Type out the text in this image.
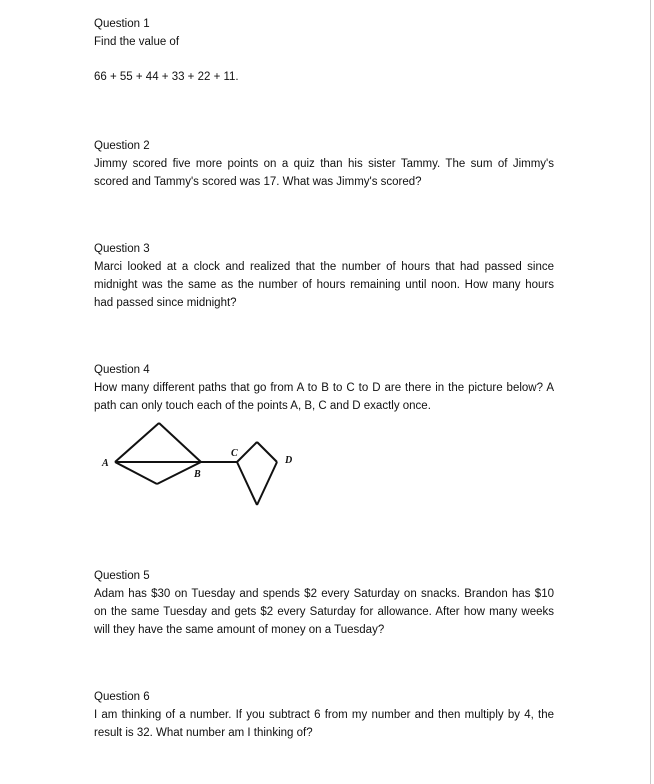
Question 1

Find the value of

66 + 55 + 44 + 33 + 22 + 11.

Question 2

Jimmy scored five more points on a quiz than his sister Tammy. The sum of Jimmy's scored and Tammy's scored was 17. What was Jimmy's scored?

Question 3

Marci looked at a clock and realized that the number of hours that had passed since midnight was the same as the number of hours remaining until noon. How many hours had passed since midnight?

Question 4

How many different paths that go from A to B to C to D are there in the picture below? A path can only touch each of the points A, B, C and D exactly once.

A
B
C
D

Question 5

Adam has $30 on Tuesday and spends $2 every Saturday on snacks. Brandon has $10 on the same Tuesday and gets $2 every Saturday for allowance. After how many weeks will they have the same amount of money on a Tuesday?

Question 6

I am thinking of a number. If you subtract 6 from my number and then multiply by 4, the result is 32. What number am I thinking of?
